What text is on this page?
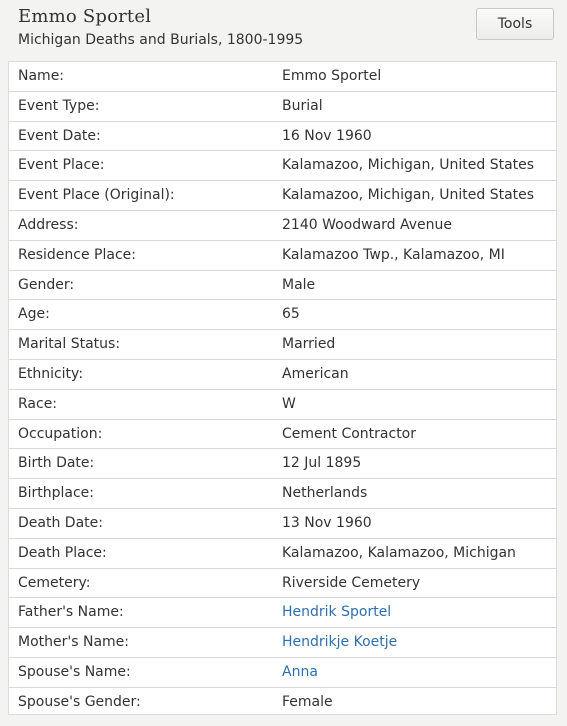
Emmo Sportel
Michigan Deaths and Burials, 1800-1995
Tools
Name:	Emmo Sportel
Event Type:	Burial
Event Date:	16 Nov 1960
Event Place:	Kalamazoo, Michigan, United States
Event Place (Original):	Kalamazoo, Michigan, United States
Address:	2140 Woodward Avenue
Residence Place:	Kalamazoo Twp., Kalamazoo, MI
Gender:	Male
Age:	65
Marital Status:	Married
Ethnicity:	American
Race:	W
Occupation:	Cement Contractor
Birth Date:	12 Jul 1895
Birthplace:	Netherlands
Death Date:	13 Nov 1960
Death Place:	Kalamazoo, Kalamazoo, Michigan
Cemetery:	Riverside Cemetery
Father's Name:	Hendrik Sportel
Mother's Name:	Hendrikje Koetje
Spouse's Name:	Anna
Spouse's Gender:	Female
